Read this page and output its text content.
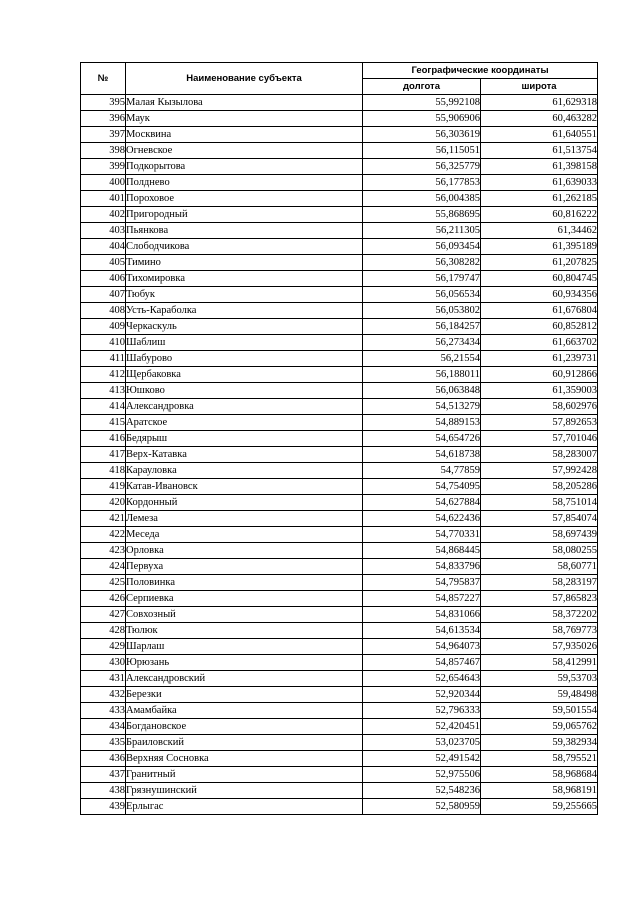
№	Наименование субъекта	Географические координаты	
		долгота	широта
395	Малая Кызылова	55,992108	61,629318
396	Маук	55,906906	60,463282
397	Москвина	56,303619	61,640551
398	Огневское	56,115051	61,513754
399	Подкорытова	56,325779	61,398158
400	Полднево	56,177853	61,639033
401	Пороховое	56,004385	61,262185
402	Пригородный	55,868695	60,816222
403	Пьянкова	56,211305	61,34462
404	Слободчикова	56,093454	61,395189
405	Тимино	56,308282	61,207825
406	Тихомировка	56,179747	60,804745
407	Тюбук	56,056534	60,934356
408	Усть-Караболка	56,053802	61,676804
409	Черкаскуль	56,184257	60,852812
410	Шаблиш	56,273434	61,663702
411	Шабурово	56,21554	61,239731
412	Щербаковка	56,188011	60,912866
413	Юшково	56,063848	61,359003
414	Александровка	54,513279	58,602976
415	Аратское	54,889153	57,892653
416	Бедярыш	54,654726	57,701046
417	Верх-Катавка	54,618738	58,283007
418	Карауловка	54,77859	57,992428
419	Катав-Ивановск	54,754095	58,205286
420	Кордонный	54,627884	58,751014
421	Лемеза	54,622436	57,854074
422	Меседа	54,770331	58,697439
423	Орловка	54,868445	58,080255
424	Первуха	54,833796	58,60771
425	Половинка	54,795837	58,283197
426	Серпиевка	54,857227	57,865823
427	Совхозный	54,831066	58,372202
428	Тюлюк	54,613534	58,769773
429	Шарлаш	54,964073	57,935026
430	Юрюзань	54,857467	58,412991
431	Александровский	52,654643	59,53703
432	Березки	52,920344	59,48498
433	Амамбайка	52,796333	59,501554
434	Богдановское	52,420451	59,065762
435	Браиловский	53,023705	59,382934
436	Верхняя Сосновка	52,491542	58,795521
437	Гранитный	52,975506	58,968684
438	Грязнушинский	52,548236	58,968191
439	Ерлыгас	52,580959	59,255665
